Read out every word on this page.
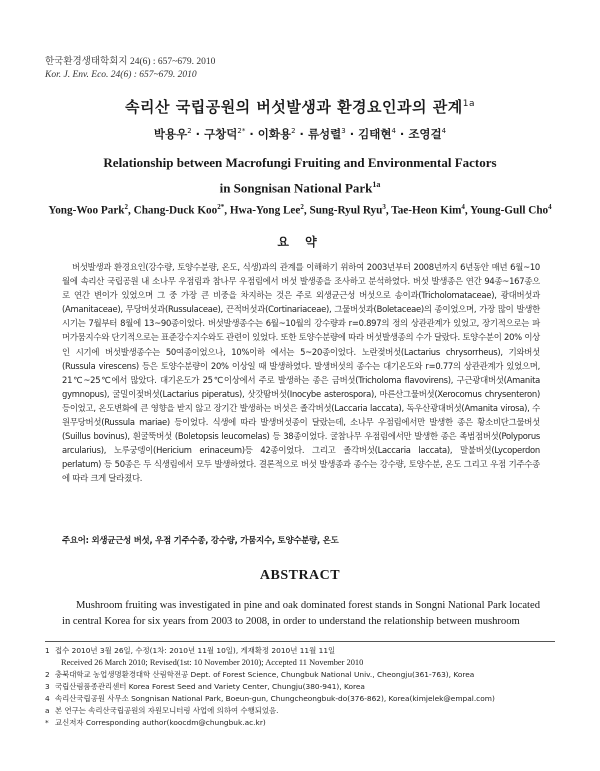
한국환경생태학회지 24(6) : 657~679. 2010
Kor. J. Env. Eco. 24(6) : 657~679. 2010
속리산 국립공원의 버섯발생과 환경요인과의 관계$^{1a}$
박용우$^2$ · 구창덕$^{2*}$ · 이화용$^2$ · 류성렬$^3$ · 김태현$^4$ · 조영걸$^4$
Relationship between Macrofungi Fruiting and Environmental Factors
in Songnisan National Park$^{1a}$
Yong-Woo Park$^2$, Chang-Duck Koo$^{2*}$, Hwa-Yong Lee$^2$, Sung-Ryul Ryu$^3$, Tae-Heon Kim$^4$, Young-Gull Cho$^4$
요 약
버섯발생과 환경요인(강수량, 토양수분량, 온도, 식생)과의 관계를 이해하기 위하여 2003년부터 2008년까지 6년동안 매년 6월~10월에 속리산 국립공원 내 소나무 우점림과 참나무 우점림에서 버섯 발생종을 조사하고 분석하였다. 버섯 발생종은 연간 94종~167종으로 연간 변이가 있었으며 그 중 가장 큰 비중을 차지하는 것은 주로 외생균근성 버섯으로 송이과(Tricholomataceae), 광대버섯과(Amanitaceae), 무당버섯과(Russulaceae), 끈적버섯과(Cortinariaceae), 그물버섯과(Boletaceae)의 종이었으며, 가장 많이 발생한 시기는 7월부터 8월에 13~90종이었다. 버섯발생종수는 6월~10월의 강수량과 r=0.897의 정의 상관관계가 있었고, 장기적으로는 파머가뭄지수와 단기적으로는 표준강수지수와도 관련이 있었다. 또한 토양수분량에 따라 버섯발생종의 수가 달랐다. 토양수분이 20% 이상인 시기에 버섯발생종수는 50여종이었으나, 10%이하 에서는 5~20종이었다. 노란젖버섯(Lactarius chrysorrheus), 기와버섯(Russula virescens) 등은 토양수분량이 20% 이상일 때 발생하였다. 발생버섯의 종수는 대기온도와 r=0.77의 상관관계가 있었으며, 21℃~25℃에서 많았다. 대기온도가 25℃이상에서 주로 발생하는 종은 금버섯(Tricholoma flavovirens), 구근광대버섯(Amanita gymnopus), 굴밀이젖버섯(Lactarius piperatus), 삿갓땀버섯(Inocybe asterospora), 마른산그물버섯(Xerocomus chrysenteron) 등이었고, 온도변화에 큰 영향을 받지 않고 장기간 발생하는 버섯은 졸각버섯(Laccaria laccata), 독우산광대버섯(Amanita virosa), 수원무당버섯(Russula mariae) 등이었다. 식생에 따라 발생버섯종이 달랐는데, 소나무 우점림에서만 발생한 종은 황소비단그물버섯(Suillus bovinus), 흰굴뚝버섯 (Boletopsis leucomelas) 등 38종이었다. 굴참나무 우점림에서만 발생한 종은 족범점버섯(Polyporus arcularius), 노루궁뎅이(Hericium erinaceum)등 42종이었다. 그리고 졸각버섯(Laccaria laccata), 말불버섯(Lycoperdon perlatum) 등 50종은 두 식생림에서 모두 발생하였다. 결론적으로 버섯 발생종과 종수는 강수량, 토양수분, 온도 그리고 우점 기주수종에 따라 크게 달라졌다.
주요어: 외생균근성 버섯, 우점 기주수종, 강수량, 가뭄지수, 토양수분량, 온도
ABSTRACT
Mushroom fruiting was investigated in pine and oak dominated forest stands in Songni National Park located in central Korea for six years from 2003 to 2008, in order to understand the relationship between mushroom
1 접수 2010년 3월 26일, 수정(1차: 2010년 11월 10일), 게재확정 2010년 11월 11일
Received 26 March 2010; Revised(1st: 10 November 2010); Accepted 11 November 2010
2 충북대학교 농업생명환경대학 산림학전공 Dept. of Forest Science, Chungbuk National Univ., Cheongju(361-763), Korea
3 국립산림품종관리센터 Korea Forest Seed and Variety Center, Chungju(380-941), Korea
4 속리산국립공원 사무소 Songnisan National Park, Boeun-gun, Chungcheongbuk-do(376-862), Korea(kimjelek@empal.com)
a 본 연구는 속리산국립공원의 자원모니터링 사업에 의하여 수행되었음.
* 교신저자 Corresponding author(koocdm@chungbuk.ac.kr)
